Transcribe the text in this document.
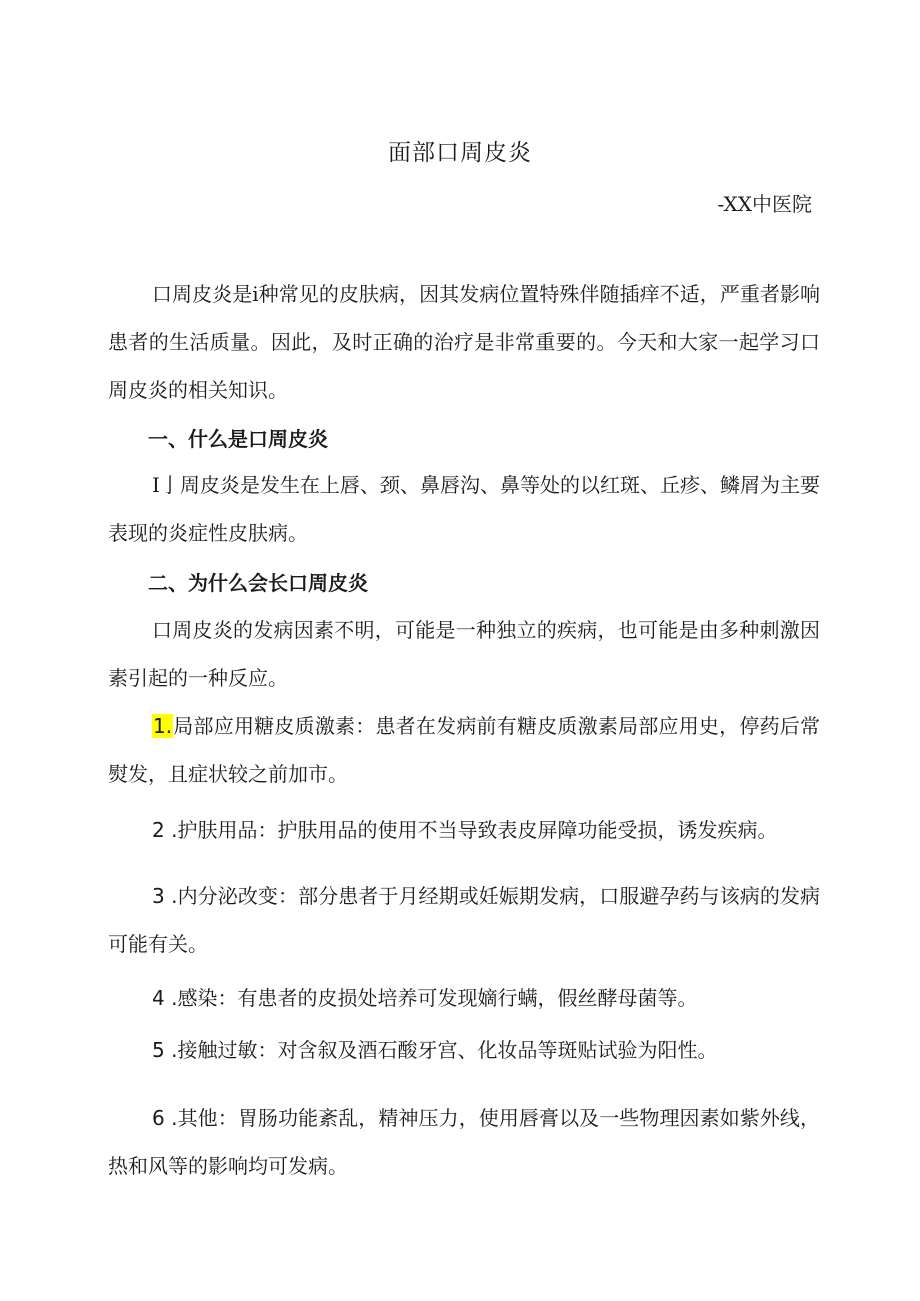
面部口周皮炎
-XX中医院

口周皮炎是i种常见的皮肤病，因其发病位置特殊伴随插痒不适，严重者影响患者的生活质量。因此，及时正确的治疗是非常重要的。今天和大家一起学习口周皮炎的相关知识。

一、什么是口周皮炎

I亅周皮炎是发生在上唇、颈、鼻唇沟、鼻等处的以红斑、丘疹、鳞屑为主要表现的炎症性皮肤病。

二、为什么会长口周皮炎

口周皮炎的发病因素不明，可能是一种独立的疾病，也可能是由多种刺激因素引起的一种反应。

1.局部应用糖皮质激素：患者在发病前有糖皮质激素局部应用史，停药后常熨发，且症状较之前加市。

2 .护肤用品：护肤用品的使用不当导致表皮屏障功能受损，诱发疾病。

3 .内分泌改变：部分患者于月经期或妊娠期发病，口服避孕药与该病的发病可能有关。

4 .感染：有患者的皮损处培养可发现嫡行螨，假丝酵母菌等。

5 .接触过敏：对含叙及酒石酸牙宫、化妆品等斑贴试验为阳性。

6 .其他：胃肠功能紊乱，精神压力，使用唇膏以及一些物理因素如紫外线，热和风等的影响均可发病。
